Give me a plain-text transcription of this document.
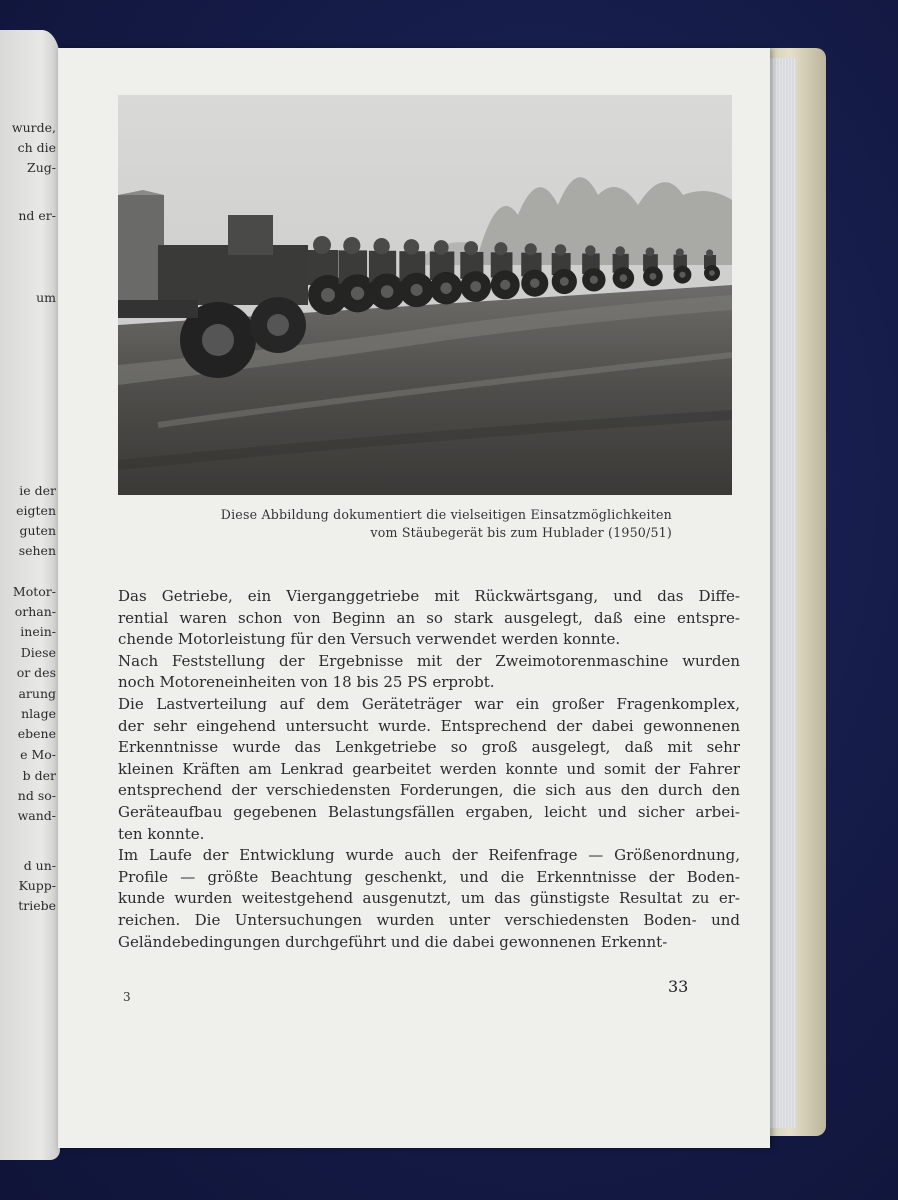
wurde,
ch die
Zug-
nd er-
um
ie der
eigten
guten
sehen
Motor-
orhan-
inein-
Diese
or des
arung
nlage
ebene
e Mo-
b der
nd so-
wand-
d un-
Kupp-
triebe
Diese Abbildung dokumentiert die vielseitigen Einsatzmöglichkeiten
vom Stäubegerät bis zum Hublader (1950/51)
Das Getriebe, ein Vierganggetriebe mit Rückwärtsgang, und das Diffe-
rential waren schon von Beginn an so stark ausgelegt, daß eine entspre-
chende Motorleistung für den Versuch verwendet werden konnte.
Nach Feststellung der Ergebnisse mit der Zweimotorenmaschine wurden
noch Motoreneinheiten von 18 bis 25 PS erprobt.
Die Lastverteilung auf dem Geräteträger war ein großer Fragenkomplex,
der sehr eingehend untersucht wurde. Entsprechend der dabei gewonnenen
Erkenntnisse wurde das Lenkgetriebe so groß ausgelegt, daß mit sehr
kleinen Kräften am Lenkrad gearbeitet werden konnte und somit der Fahrer
entsprechend der verschiedensten Forderungen, die sich aus den durch den
Geräteaufbau gegebenen Belastungsfällen ergaben, leicht und sicher arbei-
ten konnte.
Im Laufe der Entwicklung wurde auch der Reifenfrage — Größenordnung,
Profile — größte Beachtung geschenkt, und die Erkenntnisse der Boden-
kunde wurden weitestgehend ausgenutzt, um das günstigste Resultat zu er-
reichen. Die Untersuchungen wurden unter verschiedensten Boden- und
Geländebedingungen durchgeführt und die dabei gewonnenen Erkennt-
3
33
